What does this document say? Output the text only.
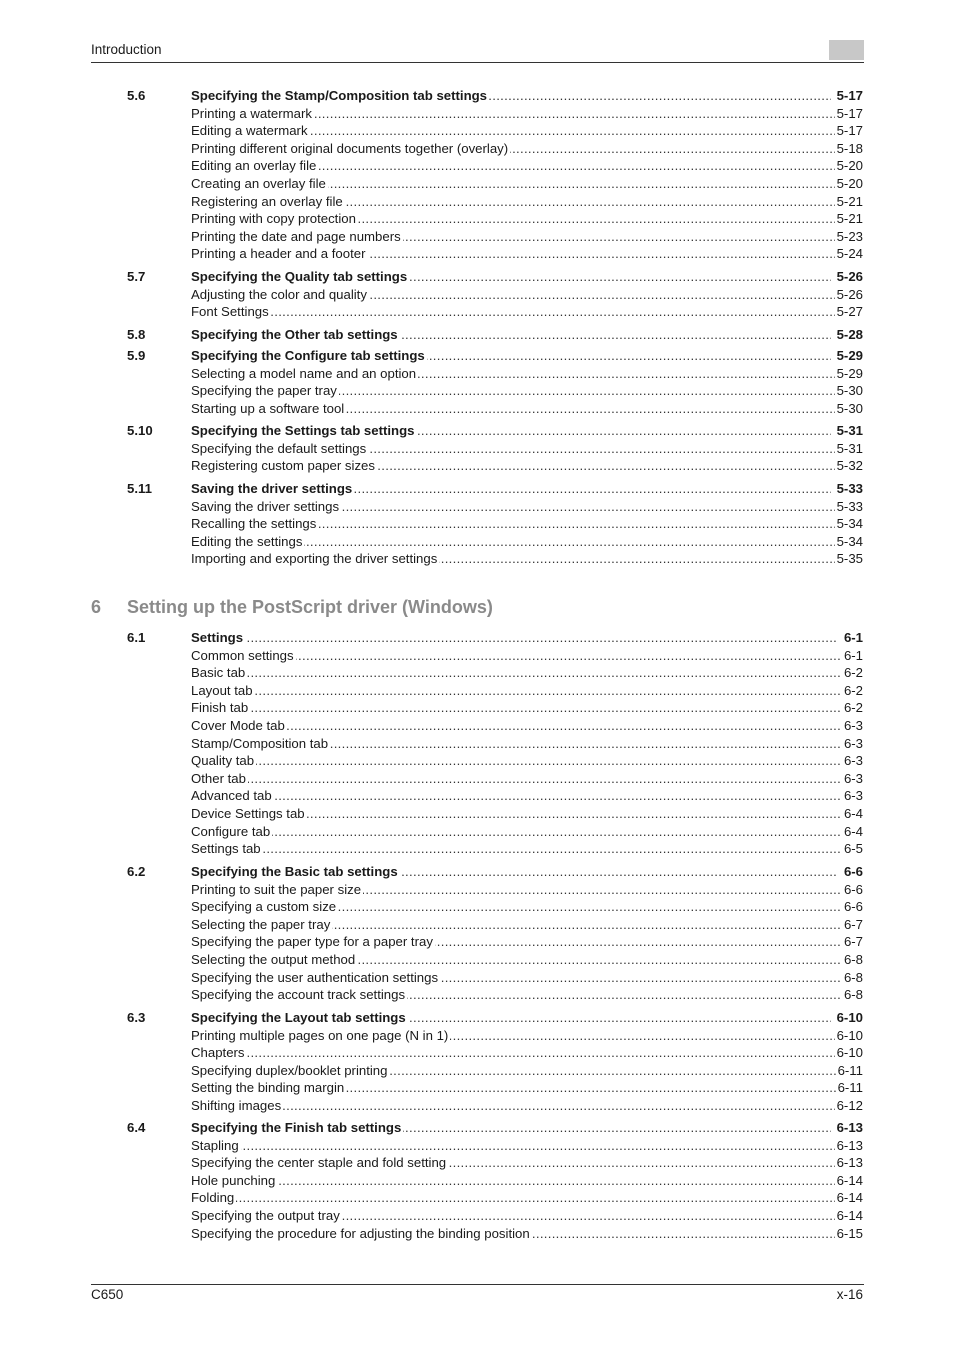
Introduction
5.6	Specifying the Stamp/Composition tab settings	5-17
.....
Printing a watermark	5-17
.....
Editing a watermark	5-17
.....
Printing different original documents together (overlay)	5-18
.....
Editing an overlay file	5-20
.....
Creating an overlay file	5-20
.....
Registering an overlay file	5-21
.....
Printing with copy protection	5-21
.....
Printing the date and page numbers	5-23
.....
Printing a header and a footer	5-24
.....
5.7	Specifying the Quality tab settings	5-26
.....
Adjusting the color and quality	5-26
.....
Font Settings	5-27
.....
5.8	Specifying the Other tab settings	5-28
.....
5.9	Specifying the Configure tab settings	5-29
.....
Selecting a model name and an option	5-29
.....
Specifying the paper tray	5-30
.....
Starting up a software tool	5-30
.....
5.10	Specifying the Settings tab settings	5-31
.....
Specifying the default settings	5-31
.....
Registering custom paper sizes	5-32
.....
5.11	Saving the driver settings	5-33
.....
Saving the driver settings	5-33
.....
Recalling the settings	5-34
.....
Editing the settings	5-34
.....
Importing and exporting the driver settings	5-35
.....
6.1	Settings	6-1
.....
Common settings	6-1
.....
Basic tab	6-2
.....
Layout tab	6-2
.....
Finish tab	6-2
.....
Cover Mode tab	6-3
.....
Stamp/Composition tab	6-3
.....
Quality tab	6-3
.....
Other tab	6-3
.....
Advanced tab	6-3
.....
Device Settings tab	6-4
.....
Configure tab	6-4
.....
Settings tab	6-5
.....
6.2	Specifying the Basic tab settings	6-6
.....
Printing to suit the paper size	6-6
.....
Specifying a custom size	6-6
.....
Selecting the paper tray	6-7
.....
Specifying the paper type for a paper tray	6-7
.....
Selecting the output method	6-8
.....
Specifying the user authentication settings	6-8
.....
Specifying the account track settings	6-8
.....
6.3	Specifying the Layout tab settings	6-10
.....
Printing multiple pages on one page (N in 1)	6-10
.....
Chapters	6-10
.....
Specifying duplex/booklet printing	6-11
.....
Setting the binding margin	6-11
.....
Shifting images	6-12
.....
6.4	Specifying the Finish tab settings	6-13
.....
Stapling	6-13
.....
Specifying the center staple and fold setting	6-13
.....
Hole punching	6-14
.....
Folding	6-14
.....
Specifying the output tray	6-14
.....
Specifying the procedure for adjusting the binding position	6-15
.....
6 Setting up the PostScript driver (Windows)
C650	x-16
